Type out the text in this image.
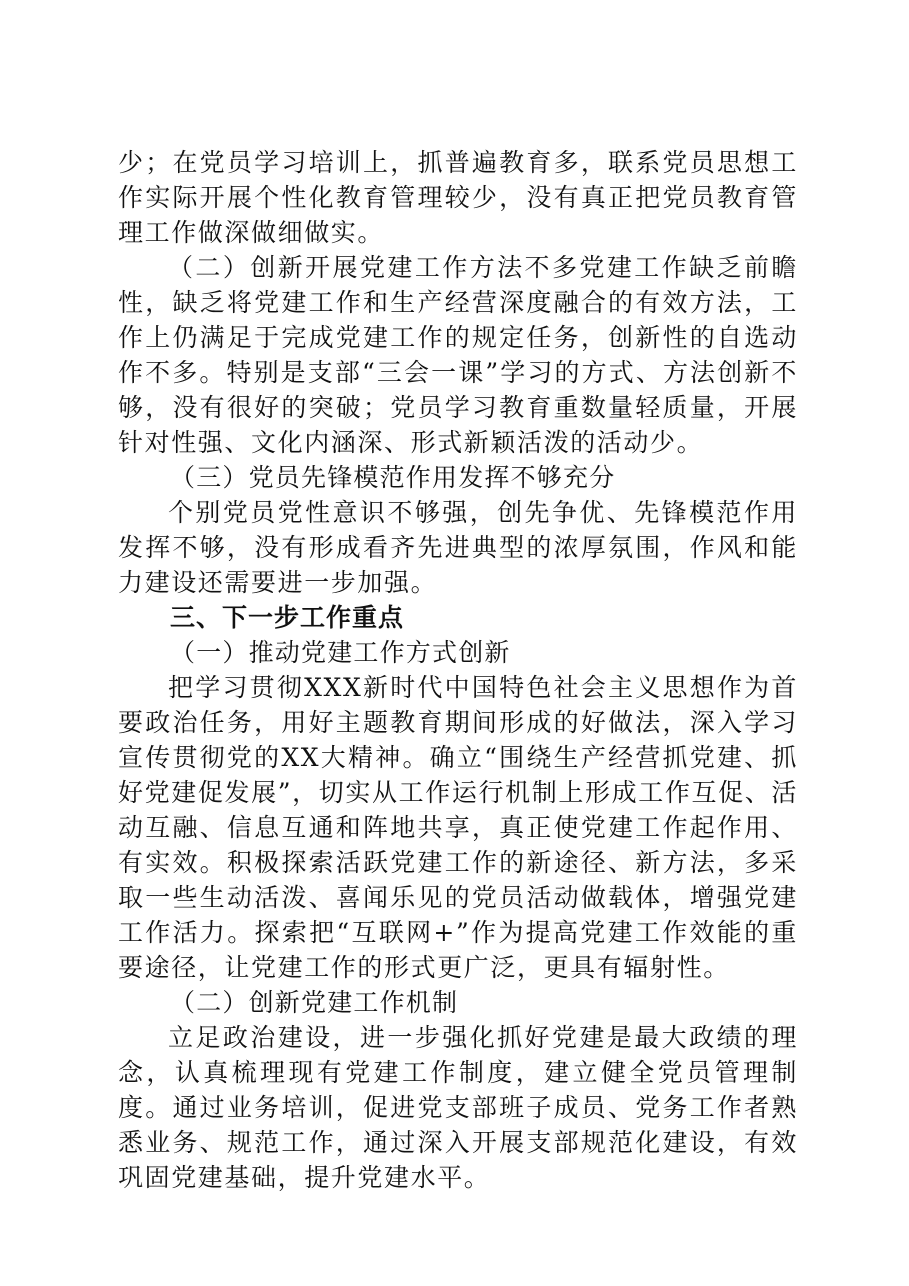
少；在党员学习培训上，抓普遍教育多，联系党员思想工作实际开展个性化教育管理较少，没有真正把党员教育管理工作做深做细做实。

（二）创新开展党建工作方法不多党建工作缺乏前瞻性，缺乏将党建工作和生产经营深度融合的有效方法，工作上仍满足于完成党建工作的规定任务，创新性的自选动作不多。特别是支部“三会一课”学习的方式、方法创新不够，没有很好的突破；党员学习教育重数量轻质量，开展针对性强、文化内涵深、形式新颖活泼的活动少。

（三）党员先锋模范作用发挥不够充分

个别党员党性意识不够强，创先争优、先锋模范作用发挥不够，没有形成看齐先进典型的浓厚氛围，作风和能力建设还需要进一步加强。

三、下一步工作重点

（一）推动党建工作方式创新

把学习贯彻XXX新时代中国特色社会主义思想作为首要政治任务，用好主题教育期间形成的好做法，深入学习宣传贯彻党的XX大精神。确立“围绕生产经营抓党建、抓好党建促发展”，切实从工作运行机制上形成工作互促、活动互融、信息互通和阵地共享，真正使党建工作起作用、有实效。积极探索活跃党建工作的新途径、新方法，多采取一些生动活泼、喜闻乐见的党员活动做载体，增强党建工作活力。探索把“互联网+”作为提高党建工作效能的重要途径，让党建工作的形式更广泛，更具有辐射性。

（二）创新党建工作机制

立足政治建设，进一步强化抓好党建是最大政绩的理念，认真梳理现有党建工作制度，建立健全党员管理制度。通过业务培训，促进党支部班子成员、党务工作者熟悉业务、规范工作，通过深入开展支部规范化建设，有效巩固党建基础，提升党建水平。
